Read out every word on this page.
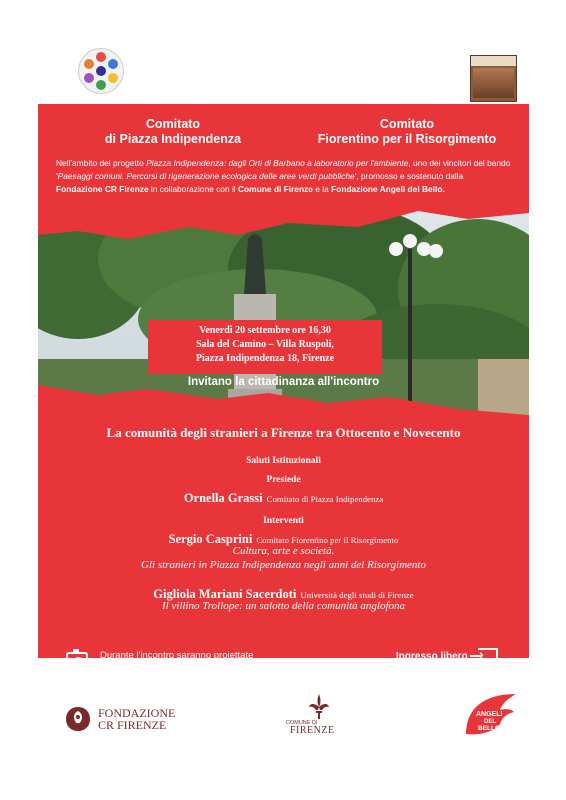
Comitato
di Piazza Indipendenza
Comitato
Fiorentino per il Risorgimento
Nell'ambito del progetto Piazza Indipendenza: dagli Orti di Barbano a laboratorio per l'ambiente, uno dei vincitori del bando 'Paesaggi comuni. Percorsi di rigenerazione ecologica delle aree verdi pubbliche', promosso e sostenuto dalla Fondazione CR Firenze in collaborazione con il Comune di Firenze e la Fondazione Angeli del Bello.
Venerdì 20 settembre ore 16,30
Sala del Camino – Villa Ruspoli,
Piazza Indipendenza 18, Firenze
Invitano la cittadinanza all'incontro
La comunità degli stranieri a Firenze tra Ottocento e Novecento
Saluti Istituzionali
Presiede
Ornella Grassi Comitato di Piazza Indipendenza
Interventi
Sergio Casprini Comitato Fiorentino per il Risorgimento
Cultura, arte e società.
Gli stranieri in Piazza Indipendenza negli anni del Risorgimento
Gigliola Mariani Sacerdoti Università degli studi di Firenze
Il villino Trollope: un salotto della comunità anglofona
Durante l'incontro saranno proiettate
foto Fratelli Alinari di Piazza
Indipendenza
Ingresso libero
›
FONDAZIONE
CR FIRENZE	COMUNE DI
FIRENZE
ANGELI
DEL
BELLO
